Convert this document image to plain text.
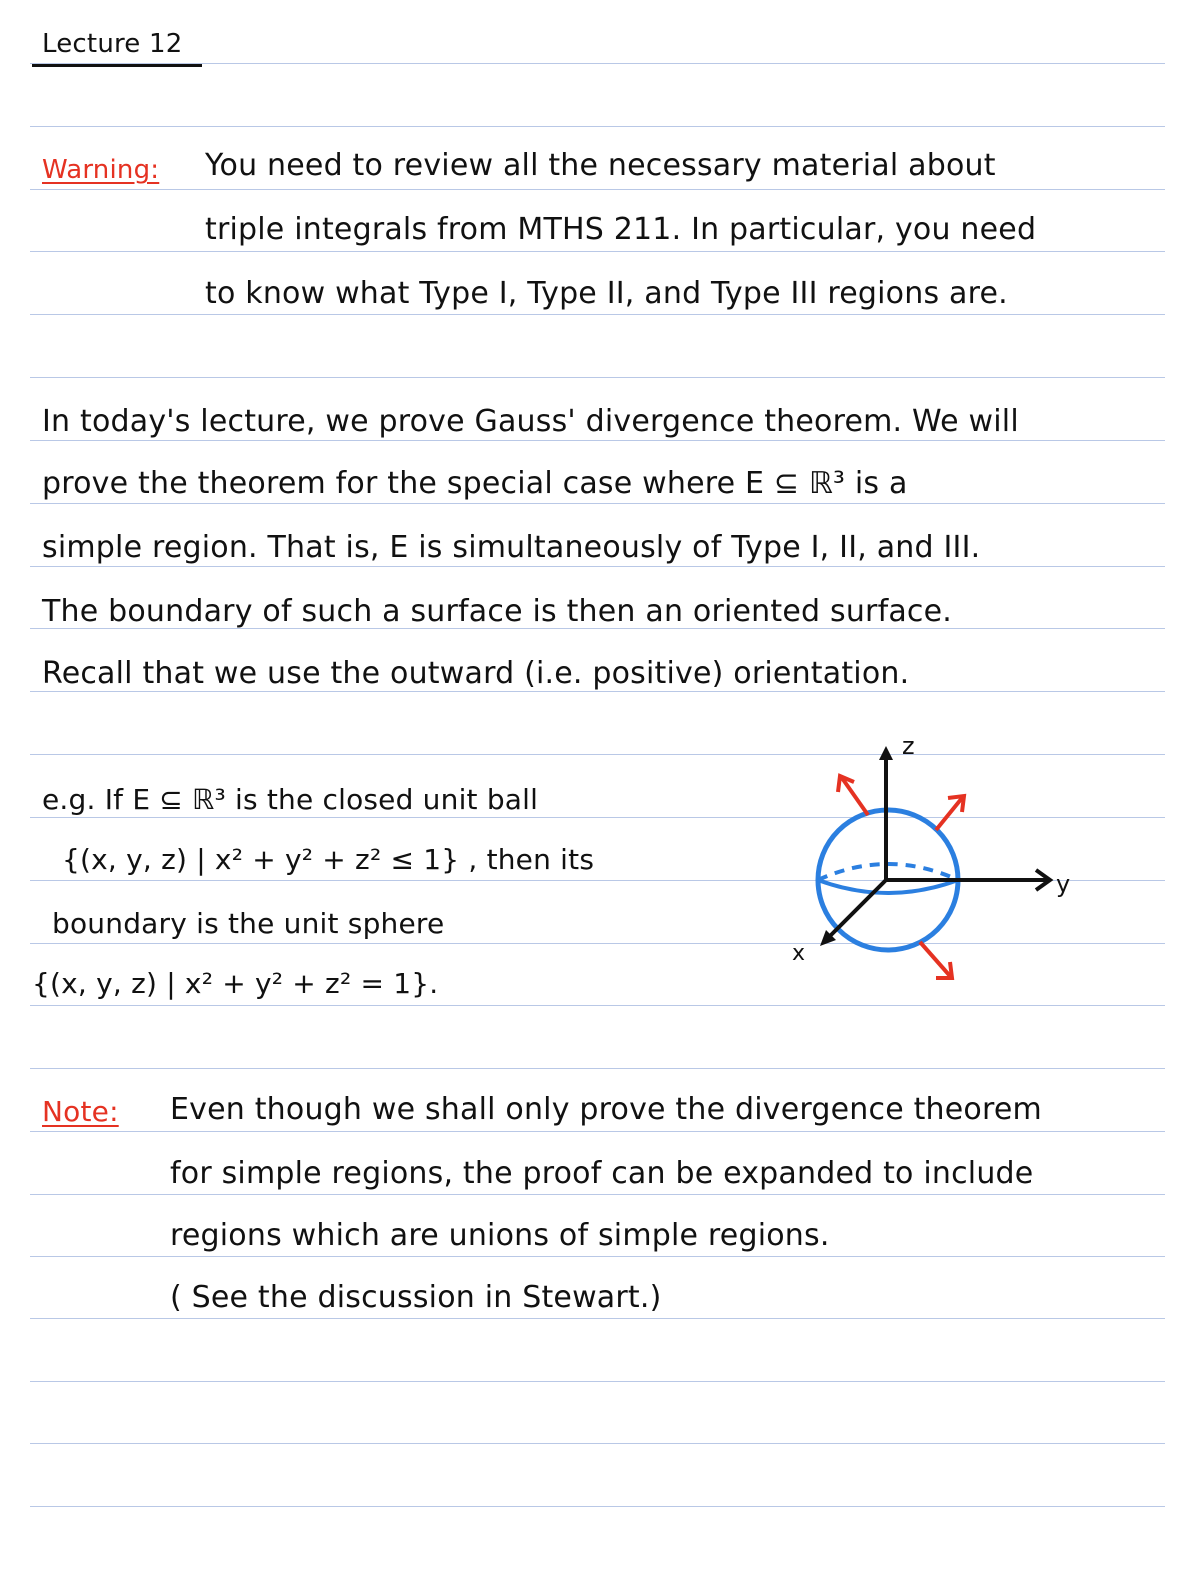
Lecture 12
Warning: You need to review all the necessary material about
triple integrals from MTHS 211. In particular, you need
to know what Type I, Type II, and Type III regions are.
In today's lecture, we prove Gauss' divergence theorem. We will
prove the theorem for the special case where E ⊆ ℝ³ is a
simple region. That is, E is simultaneously of Type I, II, and III.
The boundary of such a surface is then an oriented surface.
Recall that we use the outward (i.e. positive) orientation.
e.g. If E ⊆ ℝ³ is the closed unit ball
{(x, y, z) | x² + y² + z² ≤ 1} , then its
boundary is the unit sphere
{(x, y, z) | x² + y² + z² = 1}.
z
y
x
Note: Even though we shall only prove the divergence theorem
for simple regions, the proof can be expanded to include
regions which are unions of simple regions.
( See the discussion in Stewart.)
